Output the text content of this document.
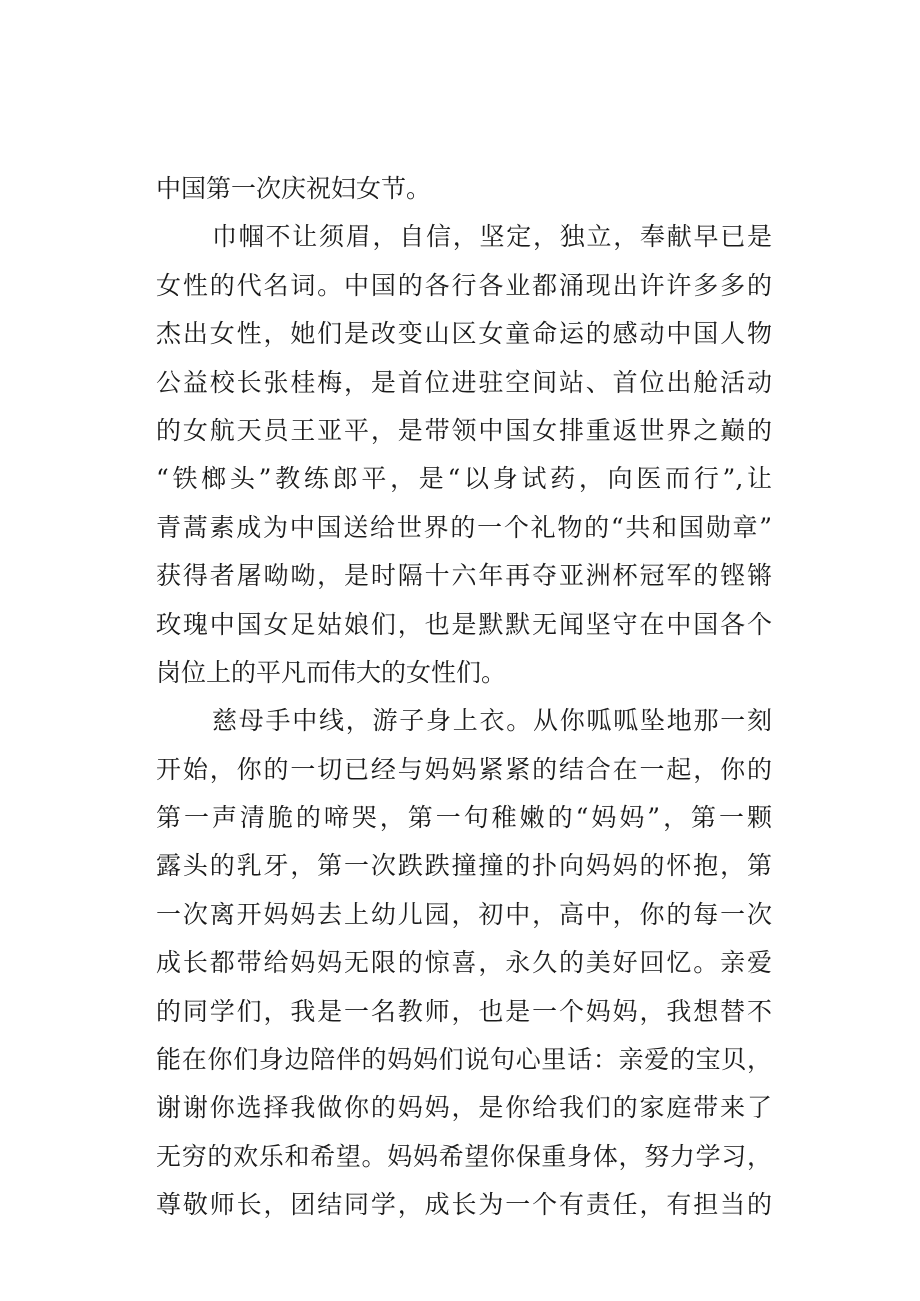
中国第一次庆祝妇女节。
巾帼不让须眉，自信，坚定，独立，奉献早已是
女性的代名词。中国的各行各业都涌现出许许多多的
杰出女性，她们是改变山区女童命运的感动中国人物
公益校长张桂梅，是首位进驻空间站、首位出舱活动
的女航天员王亚平，是带领中国女排重返世界之巅的
“铁榔头”教练郎平，是“以身试药，向医而行”,让
青蒿素成为中国送给世界的一个礼物的“共和国勋章”
获得者屠呦呦，是时隔十六年再夺亚洲杯冠军的铿锵
玫瑰中国女足姑娘们，也是默默无闻坚守在中国各个
岗位上的平凡而伟大的女性们。
慈母手中线，游子身上衣。从你呱呱坠地那一刻
开始，你的一切已经与妈妈紧紧的结合在一起，你的
第一声清脆的啼哭，第一句稚嫩的“妈妈”，第一颗
露头的乳牙，第一次跌跌撞撞的扑向妈妈的怀抱，第
一次离开妈妈去上幼儿园，初中，高中，你的每一次
成长都带给妈妈无限的惊喜，永久的美好回忆。亲爱
的同学们，我是一名教师，也是一个妈妈，我想替不
能在你们身边陪伴的妈妈们说句心里话：亲爱的宝贝，
谢谢你选择我做你的妈妈，是你给我们的家庭带来了
无穷的欢乐和希望。妈妈希望你保重身体，努力学习，
尊敬师长，团结同学，成长为一个有责任，有担当的
